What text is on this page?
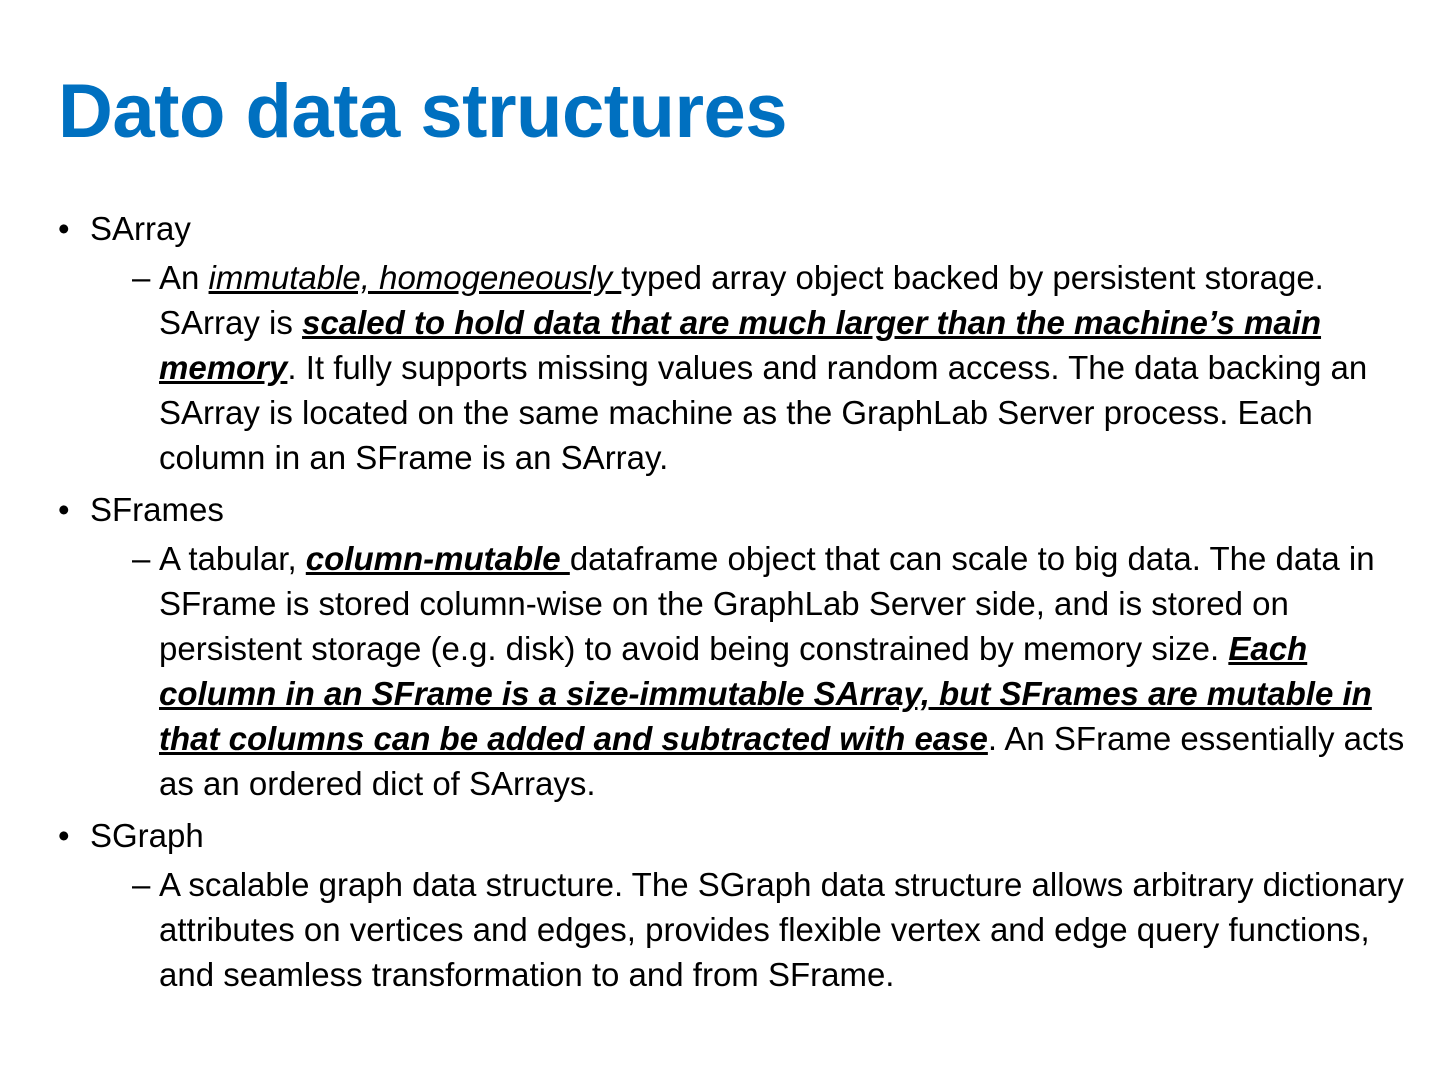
Dato data structures
• SArray
– An immutable, homogeneously typed array object backed by persistent storage. SArray is scaled to hold data that are much larger than the machine’s main memory. It fully supports missing values and random access. The data backing an SArray is located on the same machine as the GraphLab Server process. Each column in an SFrame is an SArray.
• SFrames
– A tabular, column-mutable dataframe object that can scale to big data. The data in SFrame is stored column-wise on the GraphLab Server side, and is stored on persistent storage (e.g. disk) to avoid being constrained by memory size. Each column in an SFrame is a size-immutable SArray, but SFrames are mutable in that columns can be added and subtracted with ease. An SFrame essentially acts as an ordered dict of SArrays.
• SGraph
– A scalable graph data structure. The SGraph data structure allows arbitrary dictionary attributes on vertices and edges, provides flexible vertex and edge query functions, and seamless transformation to and from SFrame.
